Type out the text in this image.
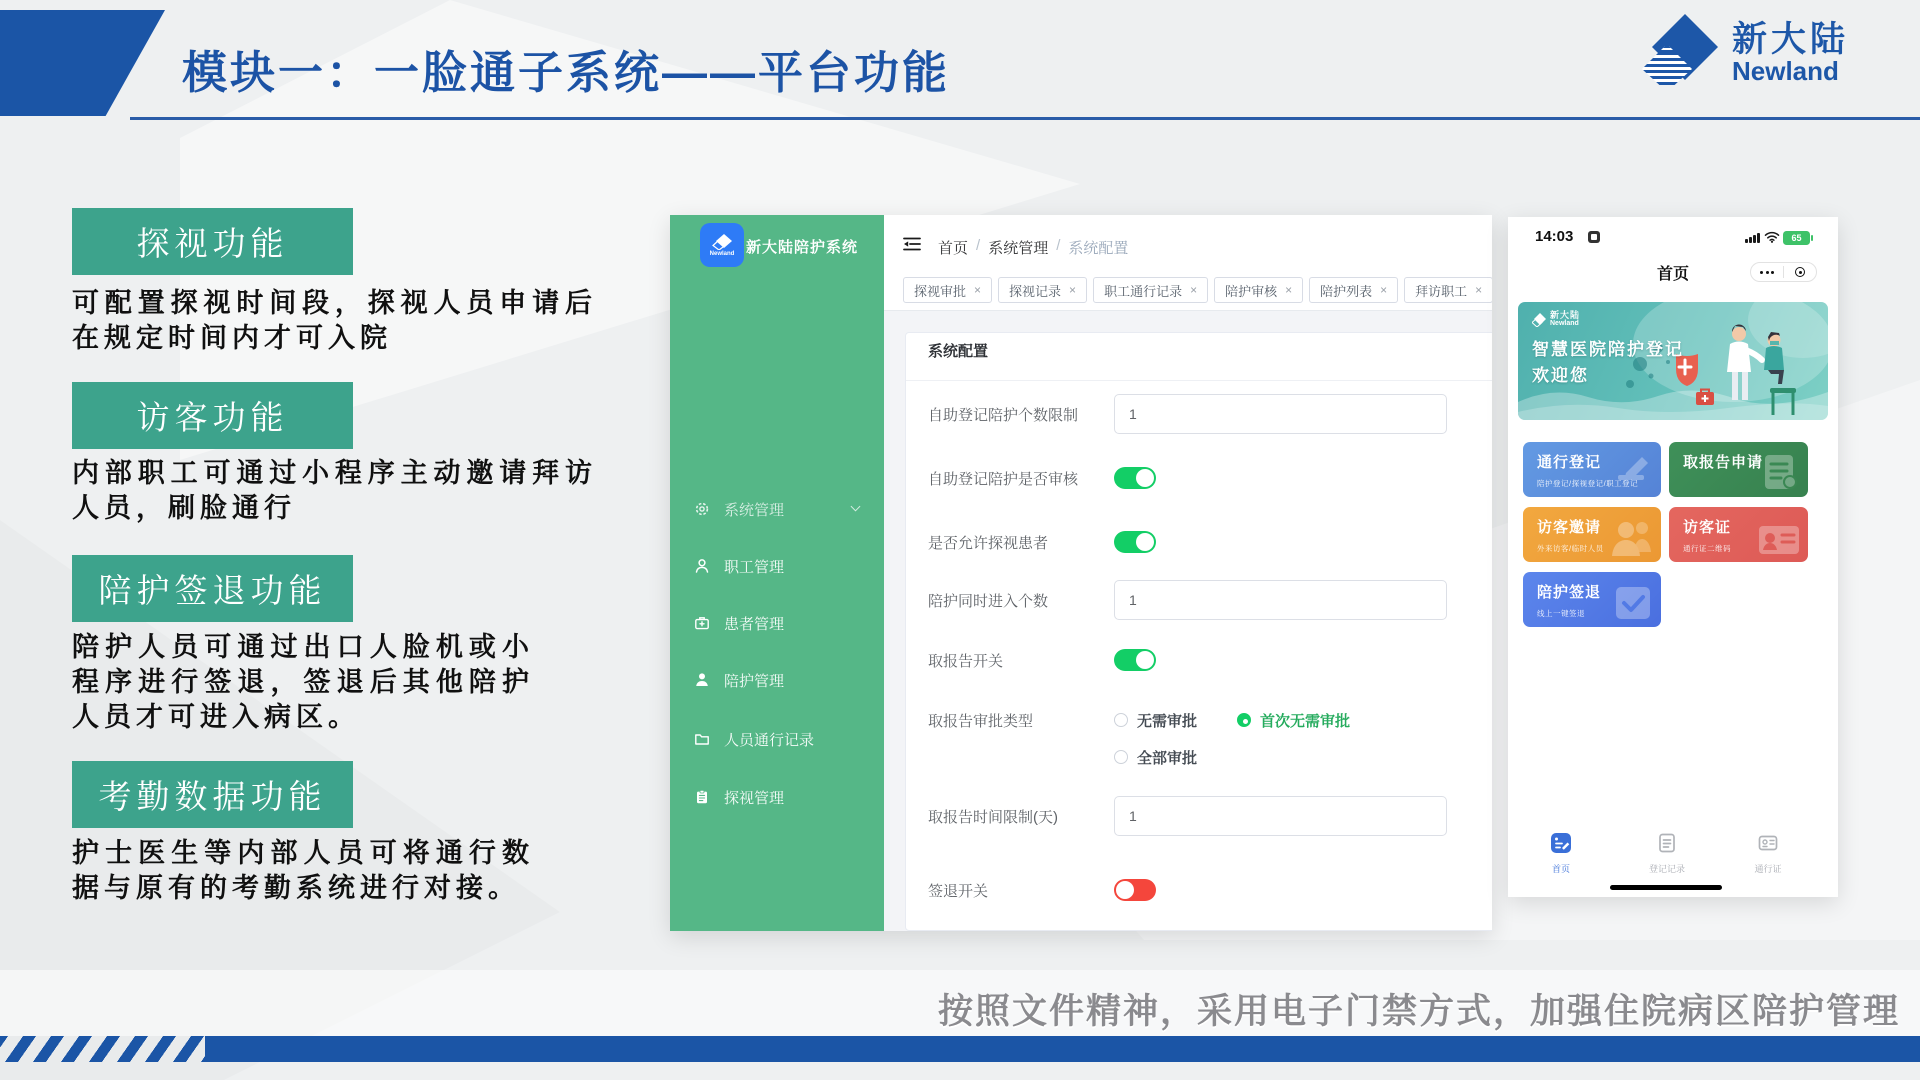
模块一：一脸通子系统——平台功能
新大陆
Newland
探视功能
可配置探视时间段，探视人员申请后在规定时间内才可入院
访客功能
内部职工可通过小程序主动邀请拜访人员，刷脸通行
陪护签退功能
陪护人员可通过出口人脸机或小程序进行签退，签退后其他陪护人员才可进入病区。
考勤数据功能
护士医生等内部人员可将通行数据与原有的考勤系统进行对接。
Newland 新大陆陪护系统
系统管理
职工管理
患者管理
陪护管理
人员通行记录
探视管理
首页 / 系统管理 / 系统配置
探视审批 × 探视记录 × 职工通行记录 × 陪护审核 × 陪护列表 × 拜访职工 ×
系统配置
自助登记陪护个数限制	1
自助登记陪护是否审核
是否允许探视患者
陪护同时进入个数	1
取报告开关
取报告审批类型	无需审批	首次无需审批
全部审批
取报告时间限制(天)	1
签退开关
14:03	65
首页
新大陆
Newland
智慧医院陪护登记
欢迎您
通行登记
陪护登记/探视登记/职工登记
取报告申请
访客邀请
外来访客/临时人员
访客证
通行证二维码
陪护签退
线上一键签退
首页	登记记录	通行证
按照文件精神，采用电子门禁方式，加强住院病区陪护管理
